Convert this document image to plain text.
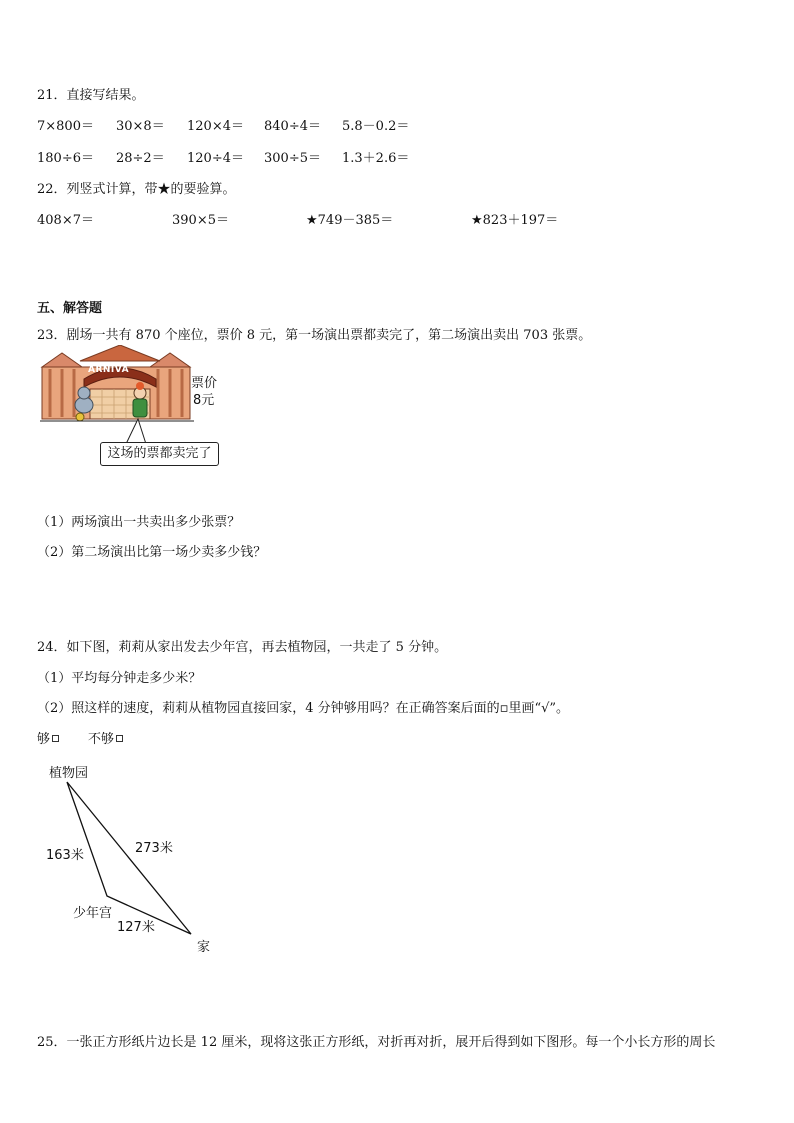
21．直接写结果。
7×800＝ 30×8＝ 120×4＝ 840÷4＝ 5.8－0.2＝
180÷6＝ 28÷2＝ 120÷4＝ 300÷5＝ 1.3＋2.6＝
22．列竖式计算，带★的要验算。
408×7＝	390×5＝	★749－385＝	★823＋197＝
五、解答题
23．剧场一共有 870 个座位，票价 8 元，第一场演出票都卖完了，第二场演出卖出 703 张票。
ARNIVA
票价
8元
这场的票都卖完了
（1）两场演出一共卖出多少张票？
（2）第二场演出比第一场少卖多少钱？
24．如下图，莉莉从家出发去少年宫，再去植物园，一共走了 5 分钟。
（1）平均每分钟走多少米？
（2）照这样的速度，莉莉从植物园直接回家，4 分钟够用吗？在正确答案后面的▫里画“√”。
够	不够
植物园
163米	273米
少年宫
127米
家
25．一张正方形纸片边长是 12 厘米，现将这张正方形纸，对折再对折，展开后得到如下图形。每一个小长方形的周长
